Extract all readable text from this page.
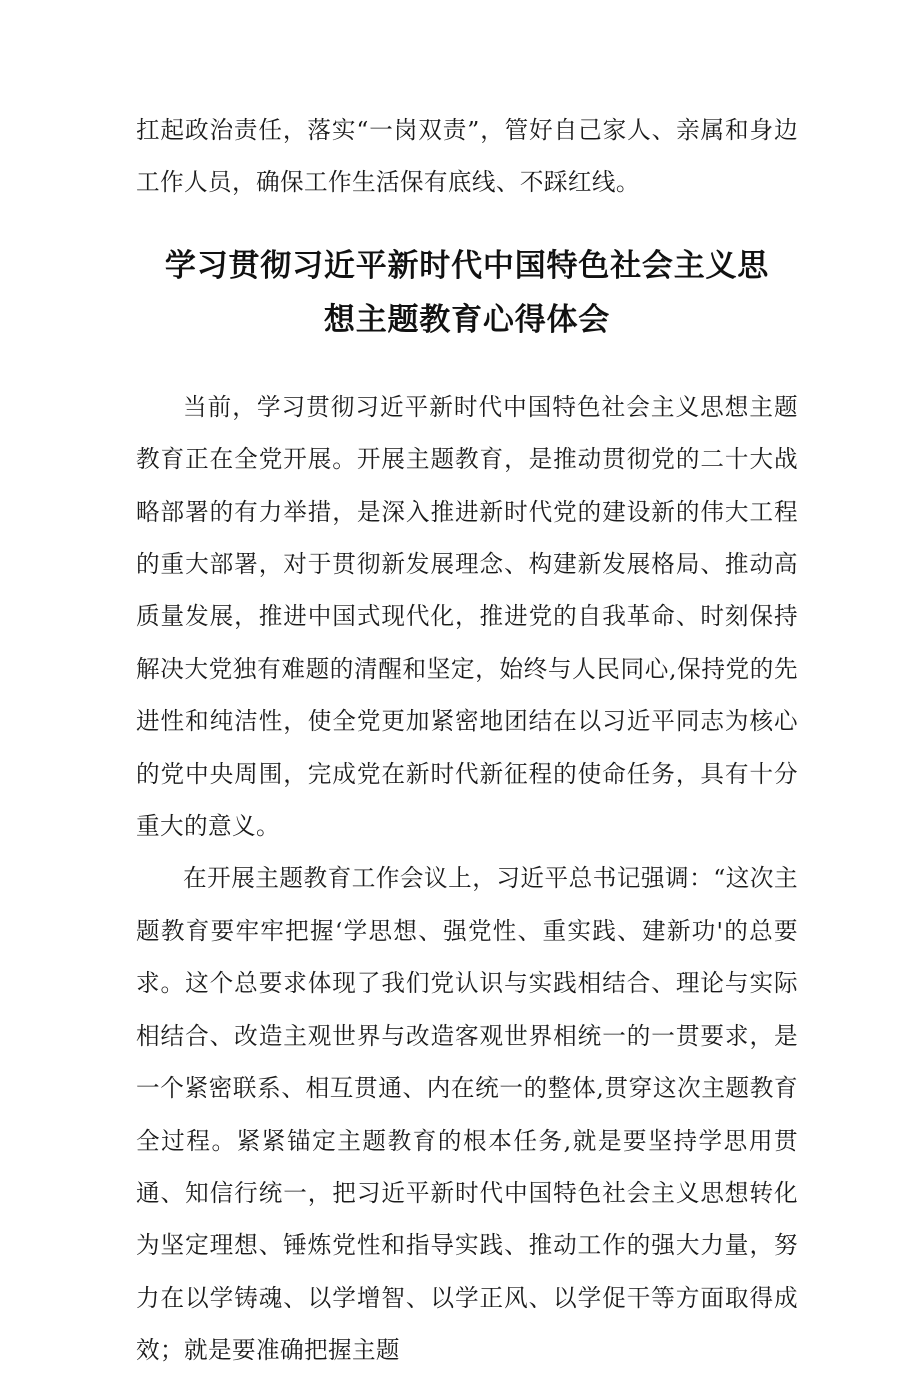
扛起政治责任，落实“一岗双责”，管好自己家人、亲属和身边工作人员，确保工作生活保有底线、不踩红线。

学习贯彻习近平新时代中国特色社会主义思
想主题教育心得体会

当前，学习贯彻习近平新时代中国特色社会主义思想主题教育正在全党开展。开展主题教育，是推动贯彻党的二十大战略部署的有力举措，是深入推进新时代党的建设新的伟大工程的重大部署，对于贯彻新发展理念、构建新发展格局、推动高质量发展，推进中国式现代化，推进党的自我革命、时刻保持解决大党独有难题的清醒和坚定，始终与人民同心,保持党的先进性和纯洁性，使全党更加紧密地团结在以习近平同志为核心的党中央周围，完成党在新时代新征程的使命任务，具有十分重大的意义。

在开展主题教育工作会议上，习近平总书记强调：“这次主题教育要牢牢把握‘学思想、强党性、重实践、建新功'的总要求。这个总要求体现了我们党认识与实践相结合、理论与实际相结合、改造主观世界与改造客观世界相统一的一贯要求，是一个紧密联系、相互贯通、内在统一的整体,贯穿这次主题教育全过程。紧紧锚定主题教育的根本任务,就是要坚持学思用贯通、知信行统一，把习近平新时代中国特色社会主义思想转化为坚定理想、锤炼党性和指导实践、推动工作的强大力量，努力在以学铸魂、以学增智、以学正风、以学促干等方面取得成效；就是要准确把握主题
